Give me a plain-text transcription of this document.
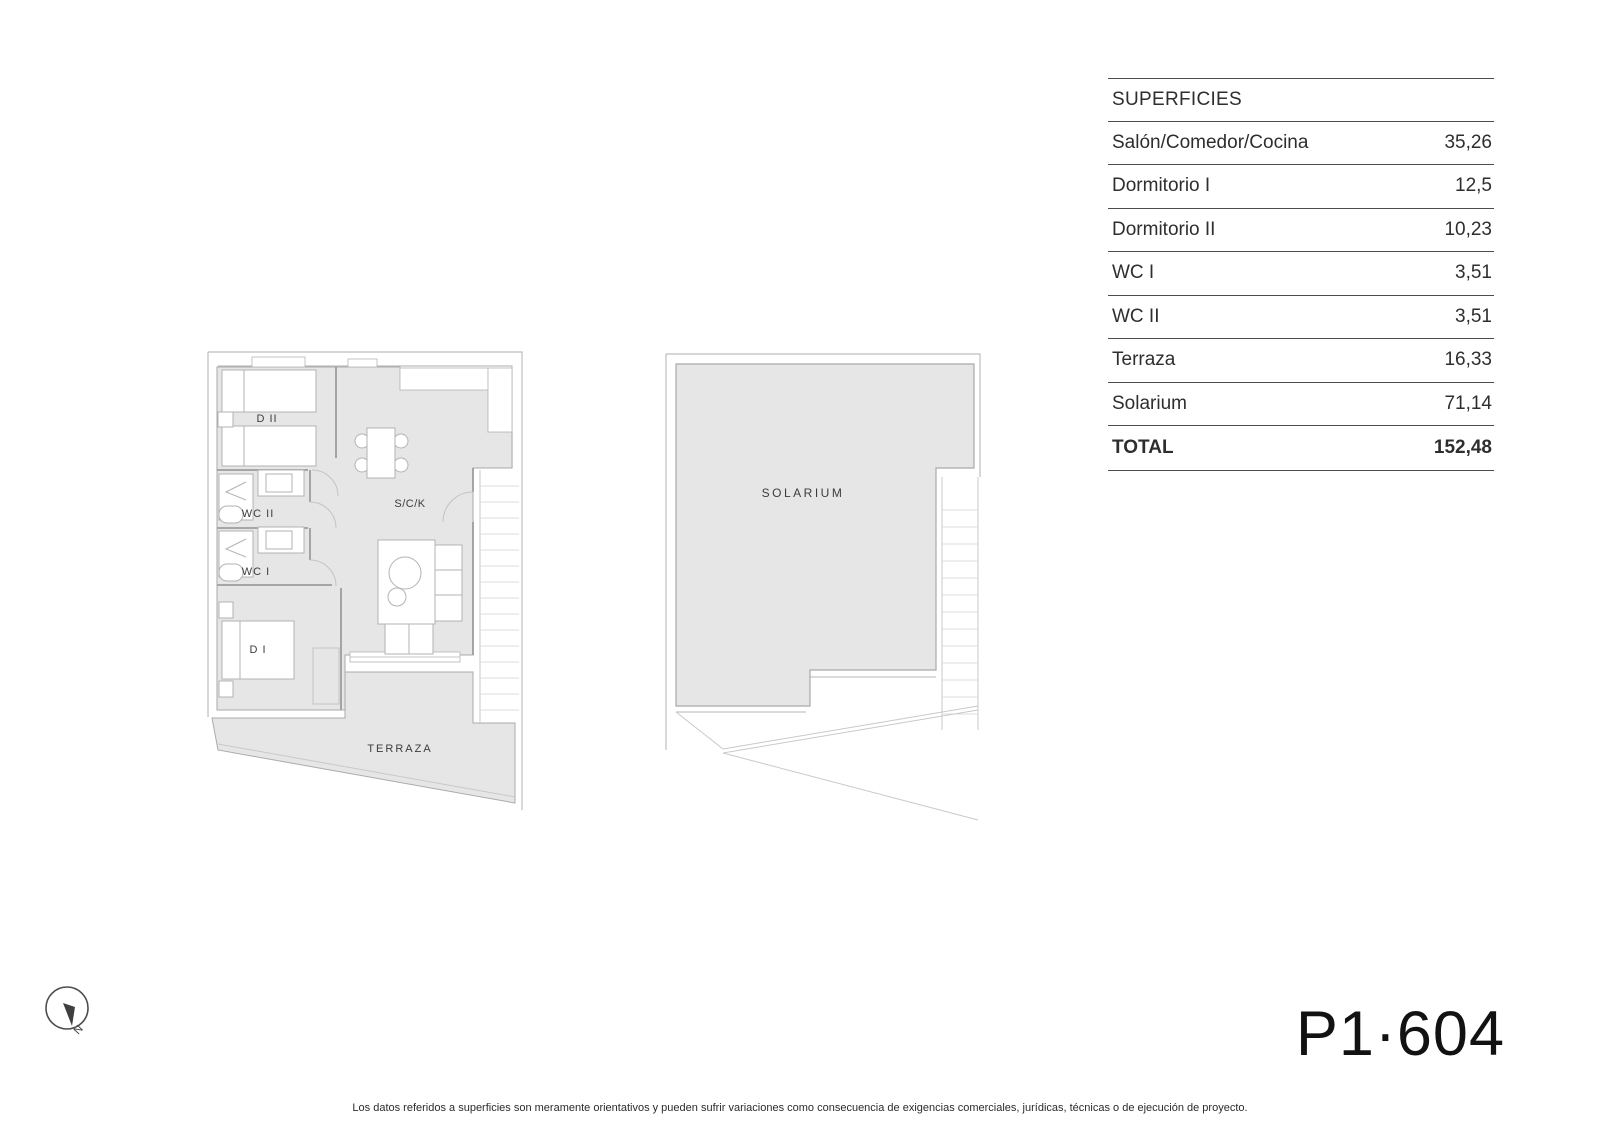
D II
WC II
WC I
D I
S/C/K
TERRAZA
SOLARIUM
SUPERFICIES
Salón/Comedor/Cocina	35,26
Dormitorio I	12,5
Dormitorio II	10,23
WC I	3,51
WC II	3,51
Terraza	16,33
Solarium	71,14
TOTAL	152,48
N	P1·604
Los datos referidos a superficies son meramente orientativos y pueden sufrir variaciones como consecuencia de exigencias comerciales, jurídicas, técnicas o de ejecución de proyecto.
